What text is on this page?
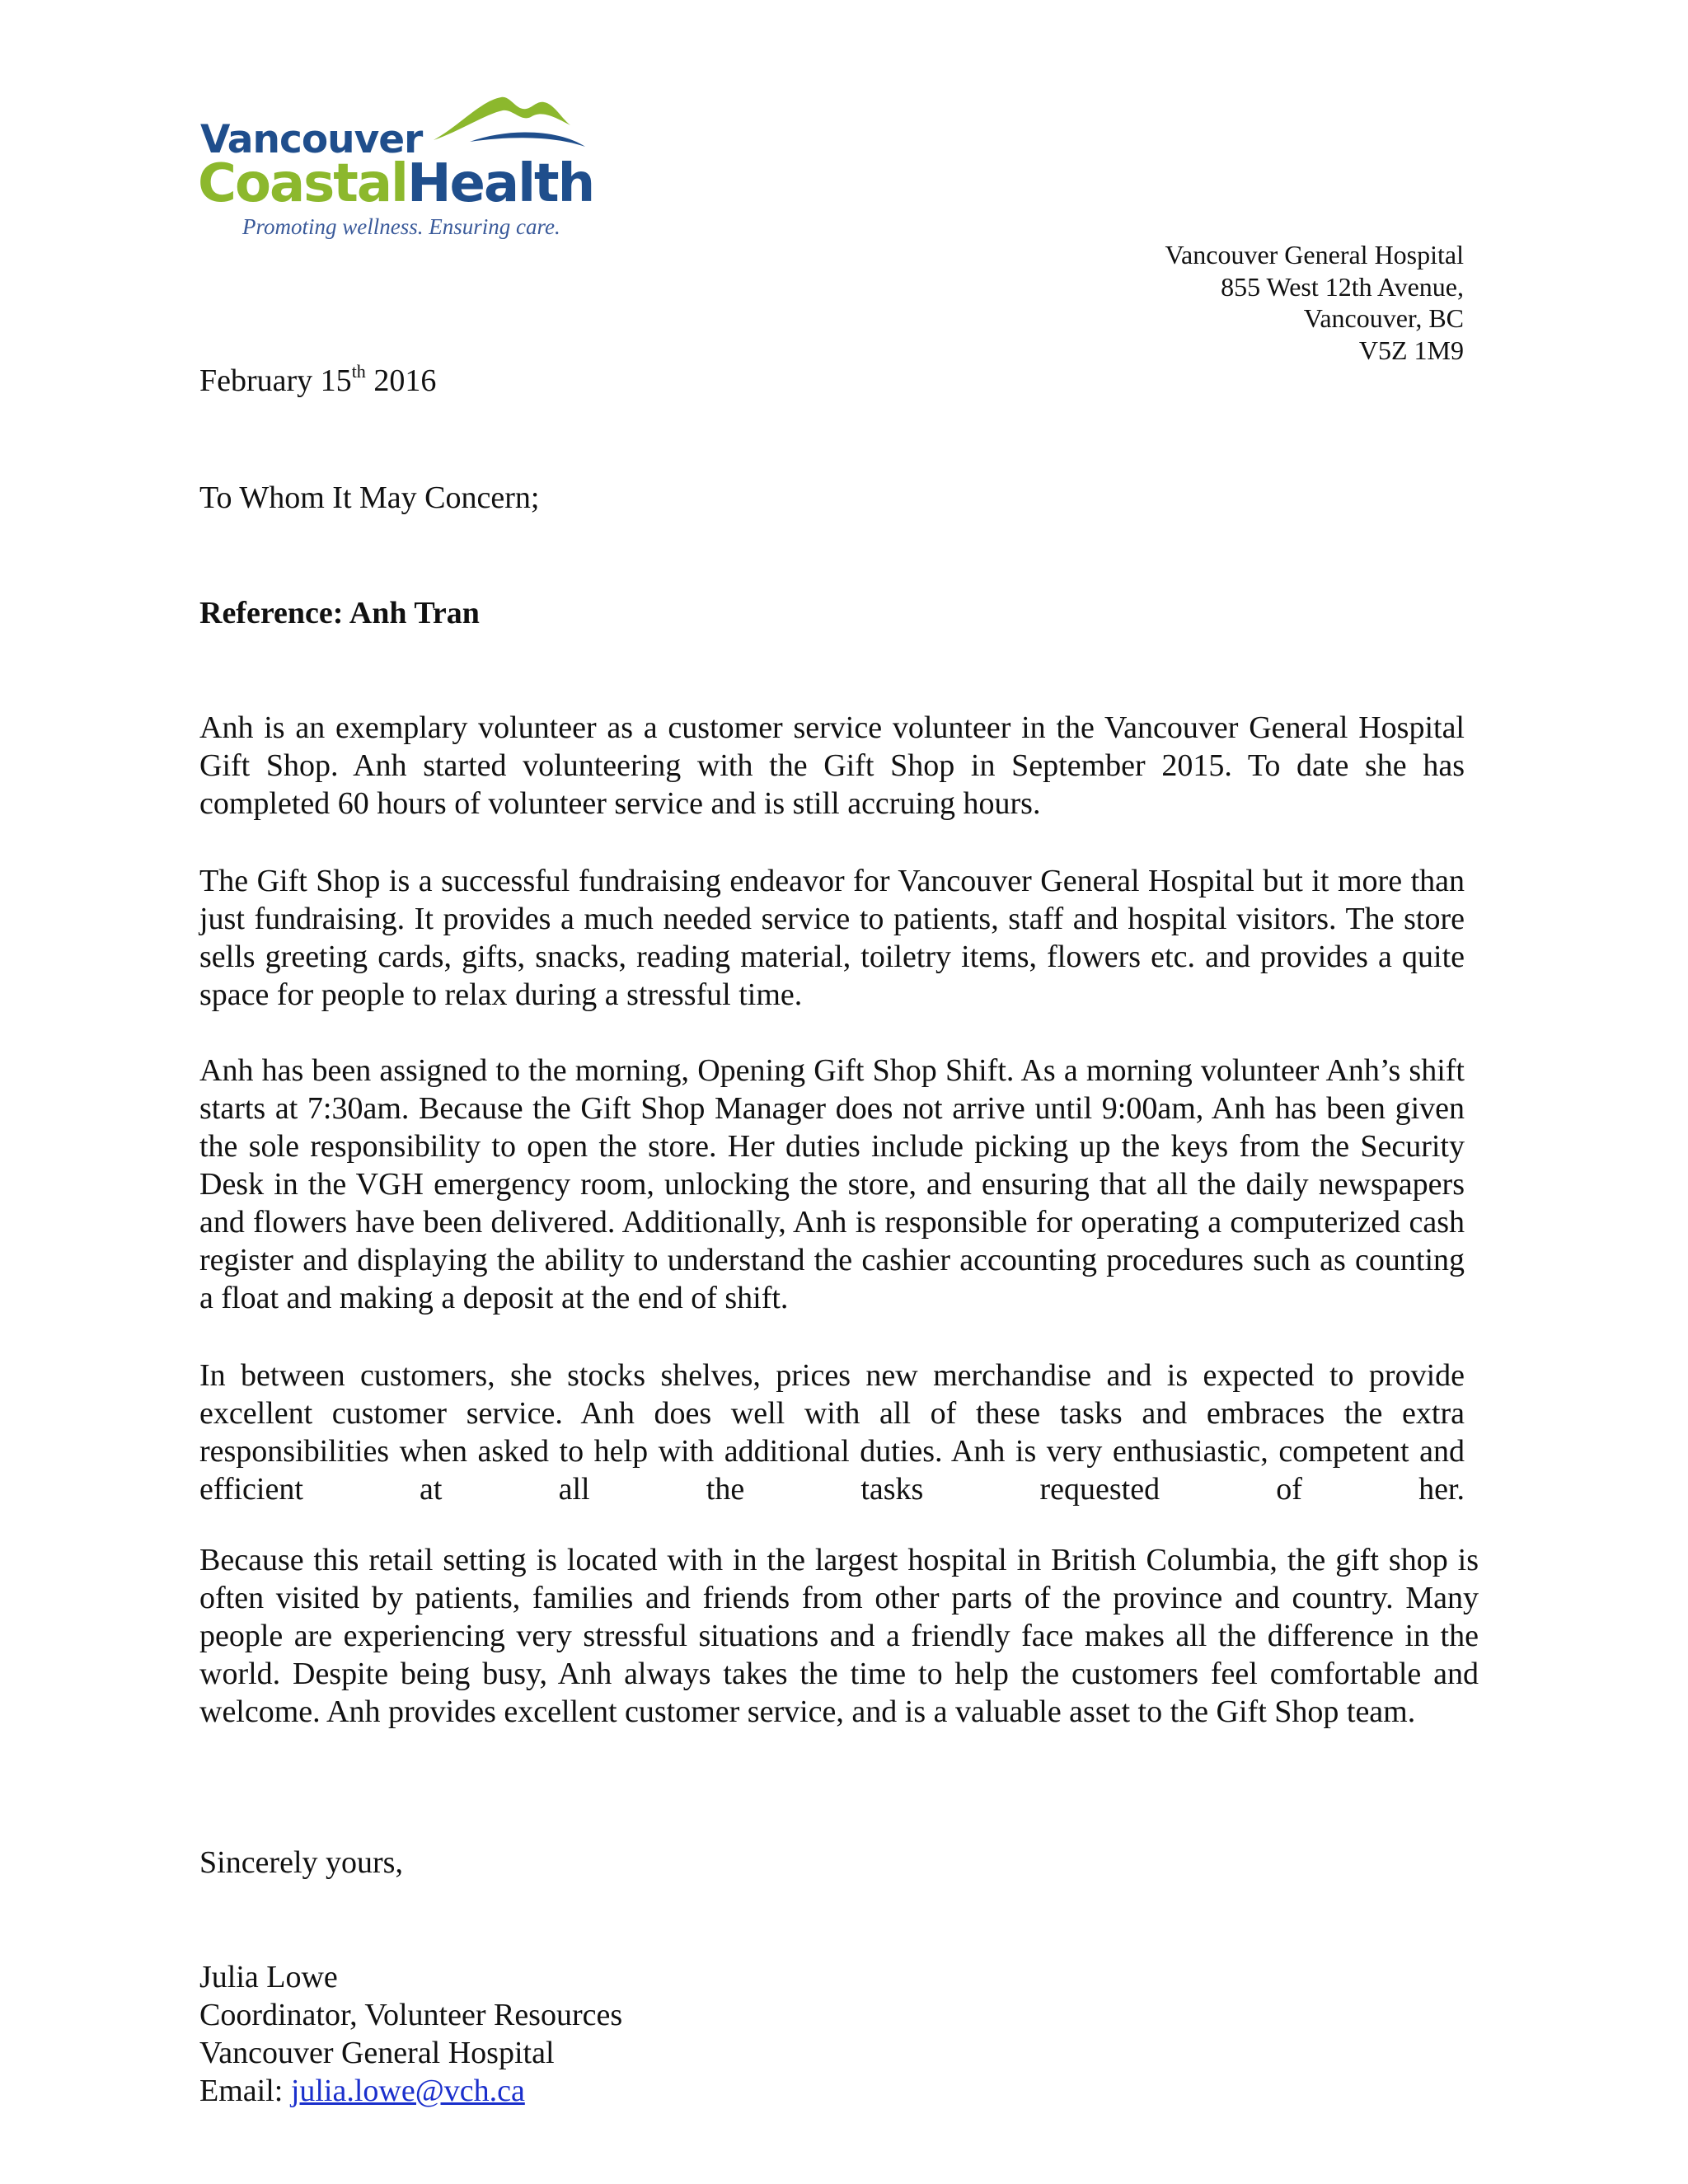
Vancouver
CoastalHealth
Promoting wellness. Ensuring care.
Vancouver General Hospital
855 West 12th Avenue,
Vancouver, BC
V5Z 1M9
February 15th 2016
To Whom It May Concern;
Reference: Anh Tran

Anh is an exemplary volunteer as a customer service volunteer in the Vancouver General Hospital Gift Shop. Anh started volunteering with the Gift Shop in September 2015. To date she has completed 60 hours of volunteer service and is still accruing hours.

The Gift Shop is a successful fundraising endeavor for Vancouver General Hospital but it more than just fundraising. It provides a much needed service to patients, staff and hospital visitors. The store sells greeting cards, gifts, snacks, reading material, toiletry items, flowers etc. and provides a quite space for people to relax during a stressful time.

Anh has been assigned to the morning, Opening Gift Shop Shift. As a morning volunteer Anh’s shift starts at 7:30am. Because the Gift Shop Manager does not arrive until 9:00am, Anh has been given the sole responsibility to open the store. Her duties include picking up the keys from the Security Desk in the VGH emergency room, unlocking the store, and ensuring that all the daily newspapers and flowers have been delivered. Additionally, Anh is responsible for operating a computerized cash register and displaying the ability to understand the cashier accounting procedures such as counting a float and making a deposit at the end of shift.

In between customers, she stocks shelves, prices new merchandise and is expected to provide excellent customer service. Anh does well with all of these tasks and embraces the extra responsibilities when asked to help with additional duties. Anh is very enthusiastic, competent and efficient at all the tasks requested of her.

Because this retail setting is located with in the largest hospital in British Columbia, the gift shop is often visited by patients, families and friends from other parts of the province and country. Many people are experiencing very stressful situations and a friendly face makes all the difference in the world. Despite being busy, Anh always takes the time to help the customers feel comfortable and welcome. Anh provides excellent customer service, and is a valuable asset to the Gift Shop team.

Sincerely yours,
Julia Lowe
Coordinator, Volunteer Resources
Vancouver General Hospital
Email: julia.lowe@vch.ca
